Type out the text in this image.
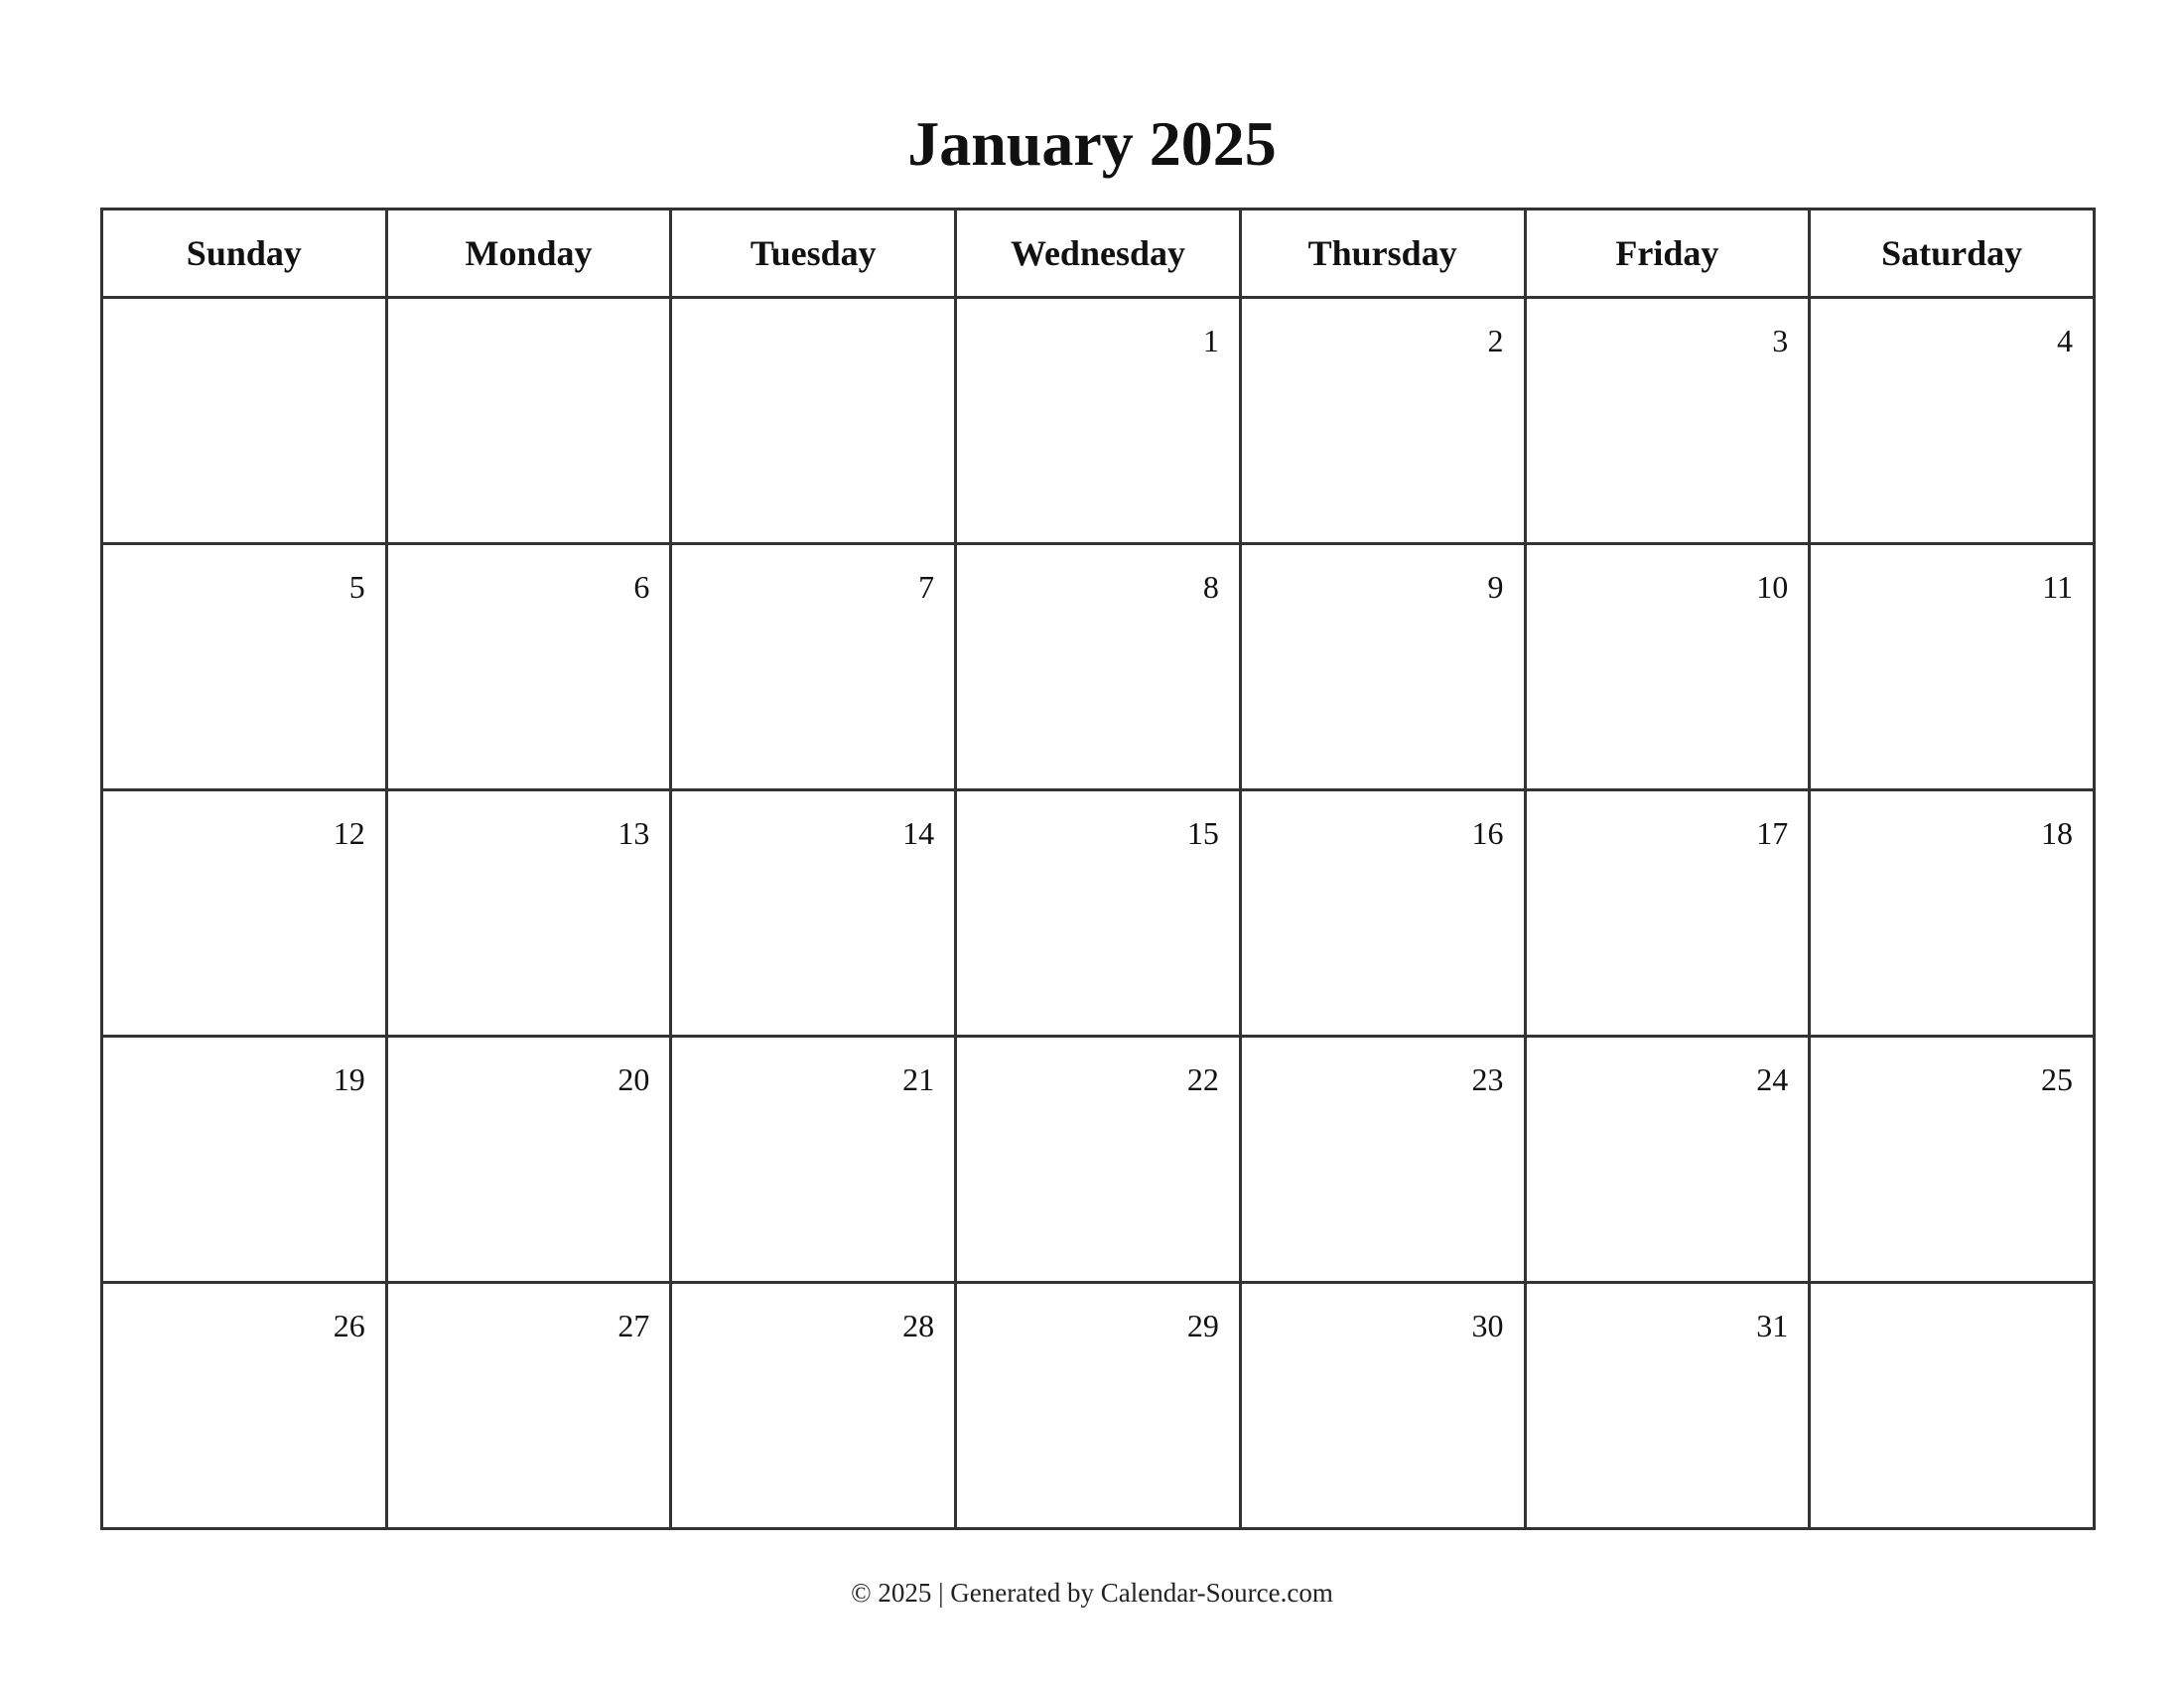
January 2025
Sunday	Monday	Tuesday	Wednesday	Thursday	Friday	Saturday
			1	2	3	4
5	6	7	8	9	10	11
12	13	14	15	16	17	18
19	20	21	22	23	24	25
26	27	28	29	30	31	
© 2025 | Generated by Calendar-Source.com
